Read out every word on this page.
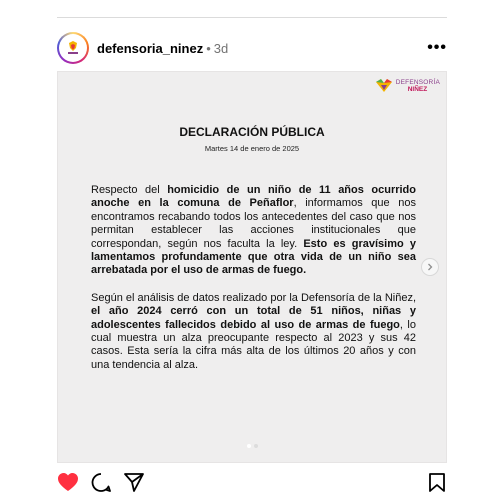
defensoria_ninez • 3d	•••
DEFENSORÍA
NIÑEZ
DECLARACIÓN PÚBLICA
Martes 14 de enero de 2025

Respecto del homicidio de un niño de 11 años ocurrido anoche en la comuna de Peñaflor, informamos que nos encontramos recabando todos los antecedentes del caso que nos permitan establecer las acciones institucionales que correspondan, según nos faculta la ley. Esto es gravísimo y lamentamos profundamente que otra vida de un niño sea arrebatada por el uso de armas de fuego.

Según el análisis de datos realizado por la Defensoría de la Niñez, el año 2024 cerró con un total de 51 niños, niñas y adolescentes fallecidos debido al uso de armas de fuego, lo cual muestra un alza preocupante respecto al 2023 y sus 42 casos. Esta sería la cifra más alta de los últimos 20 años y con una tendencia al alza.
